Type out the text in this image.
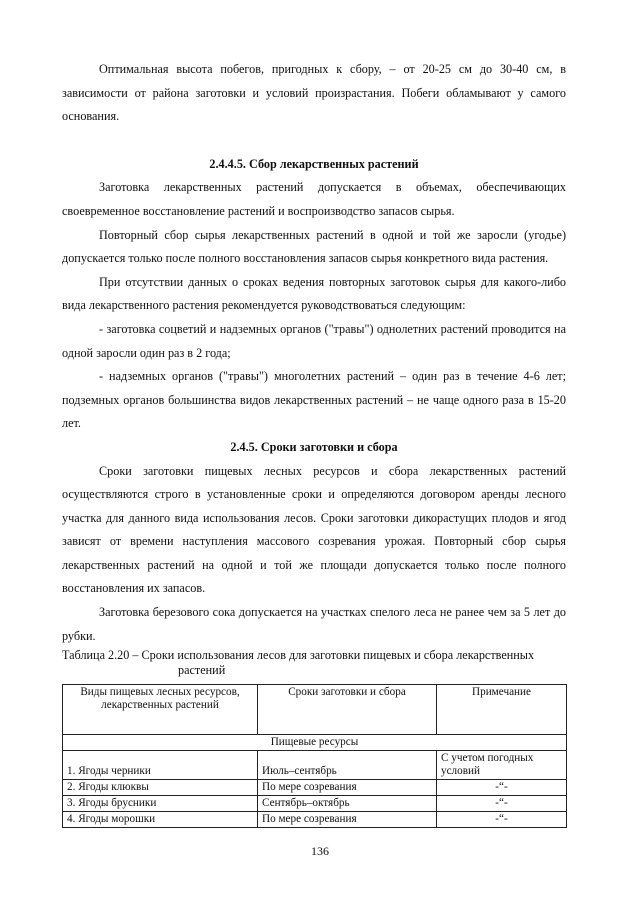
Оптимальная высота побегов, пригодных к сбору, – от 20-25 см до 30-40 см, в зависимости от района заготовки и условий произрастания. Побеги обламывают у самого основания.

2.4.4.5. Сбор лекарственных растений

Заготовка лекарственных растений допускается в объемах, обеспечивающих своевременное восстановление растений и воспроизводство запасов сырья.

Повторный сбор сырья лекарственных растений в одной и той же заросли (угодье) допускается только после полного восстановления запасов сырья конкретного вида растения.

При отсутствии данных о сроках ведения повторных заготовок сырья для какого-либо вида лекарственного растения рекомендуется руководствоваться следующим:

- заготовка соцветий и надземных органов ("травы") однолетних растений проводится на одной заросли один раз в 2 года;

- надземных органов ("травы") многолетних растений – один раз в течение 4-6 лет; подземных органов большинства видов лекарственных растений – не чаще одного раза в 15-20 лет.

2.4.5. Сроки заготовки и сбора

Сроки заготовки пищевых лесных ресурсов и сбора лекарственных растений осуществляются строго в установленные сроки и определяются договором аренды лесного участка для данного вида использования лесов. Сроки заготовки дикорастущих плодов и ягод зависят от времени наступления массового созревания урожая. Повторный сбор сырья лекарственных растений на одной и той же площади допускается только после полного восстановления их запасов.

Заготовка березового сока допускается на участках спелого леса не ранее чем за 5 лет до рубки.

Таблица 2.20 – Сроки использования лесов для заготовки пищевых и сбора лекарственных
растений

Виды пищевых лесных ресурсов, лекарственных растений	Сроки заготовки и сбора	Примечание
Пищевые ресурсы		
1. Ягоды черники	Июль–сентябрь	С учетом погодных условий
2. Ягоды клюквы	По мере созревания	-“-
3. Ягоды брусники	Сентябрь–октябрь	-“-
4. Ягоды морошки	По мере созревания	-“-
136
